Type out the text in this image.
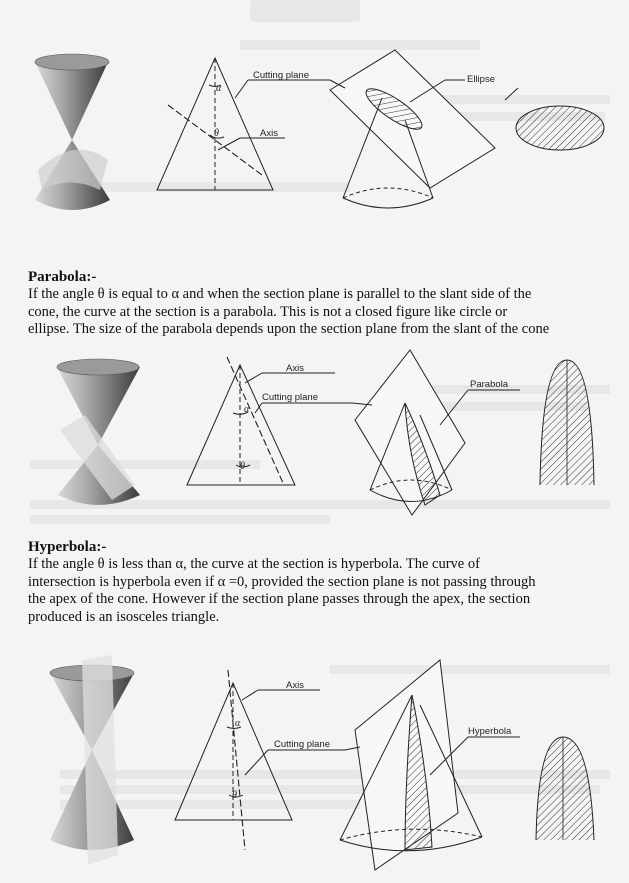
α
θ
Cutting plane
Axis
Ellipse

Parabola:-

If the angle θ is equal to α and when the section plane is parallel to the slant side of the

cone, the curve at the section is a parabola. This is not a closed figure like circle or

ellipse. The size of the parabola depends upon the section plane from the slant of the cone

α
θ
Axis
Cutting plane
Parabola

Hyperbola:-

If the angle θ is less than α, the curve at the section is hyperbola. The curve of

intersection is hyperbola even if α =0, provided the section plane is not passing through

the apex of the cone. However if the section plane passes through the apex, the section

produced is an isosceles triangle.

α
θ
Axis
Cutting plane
Hyperbola
